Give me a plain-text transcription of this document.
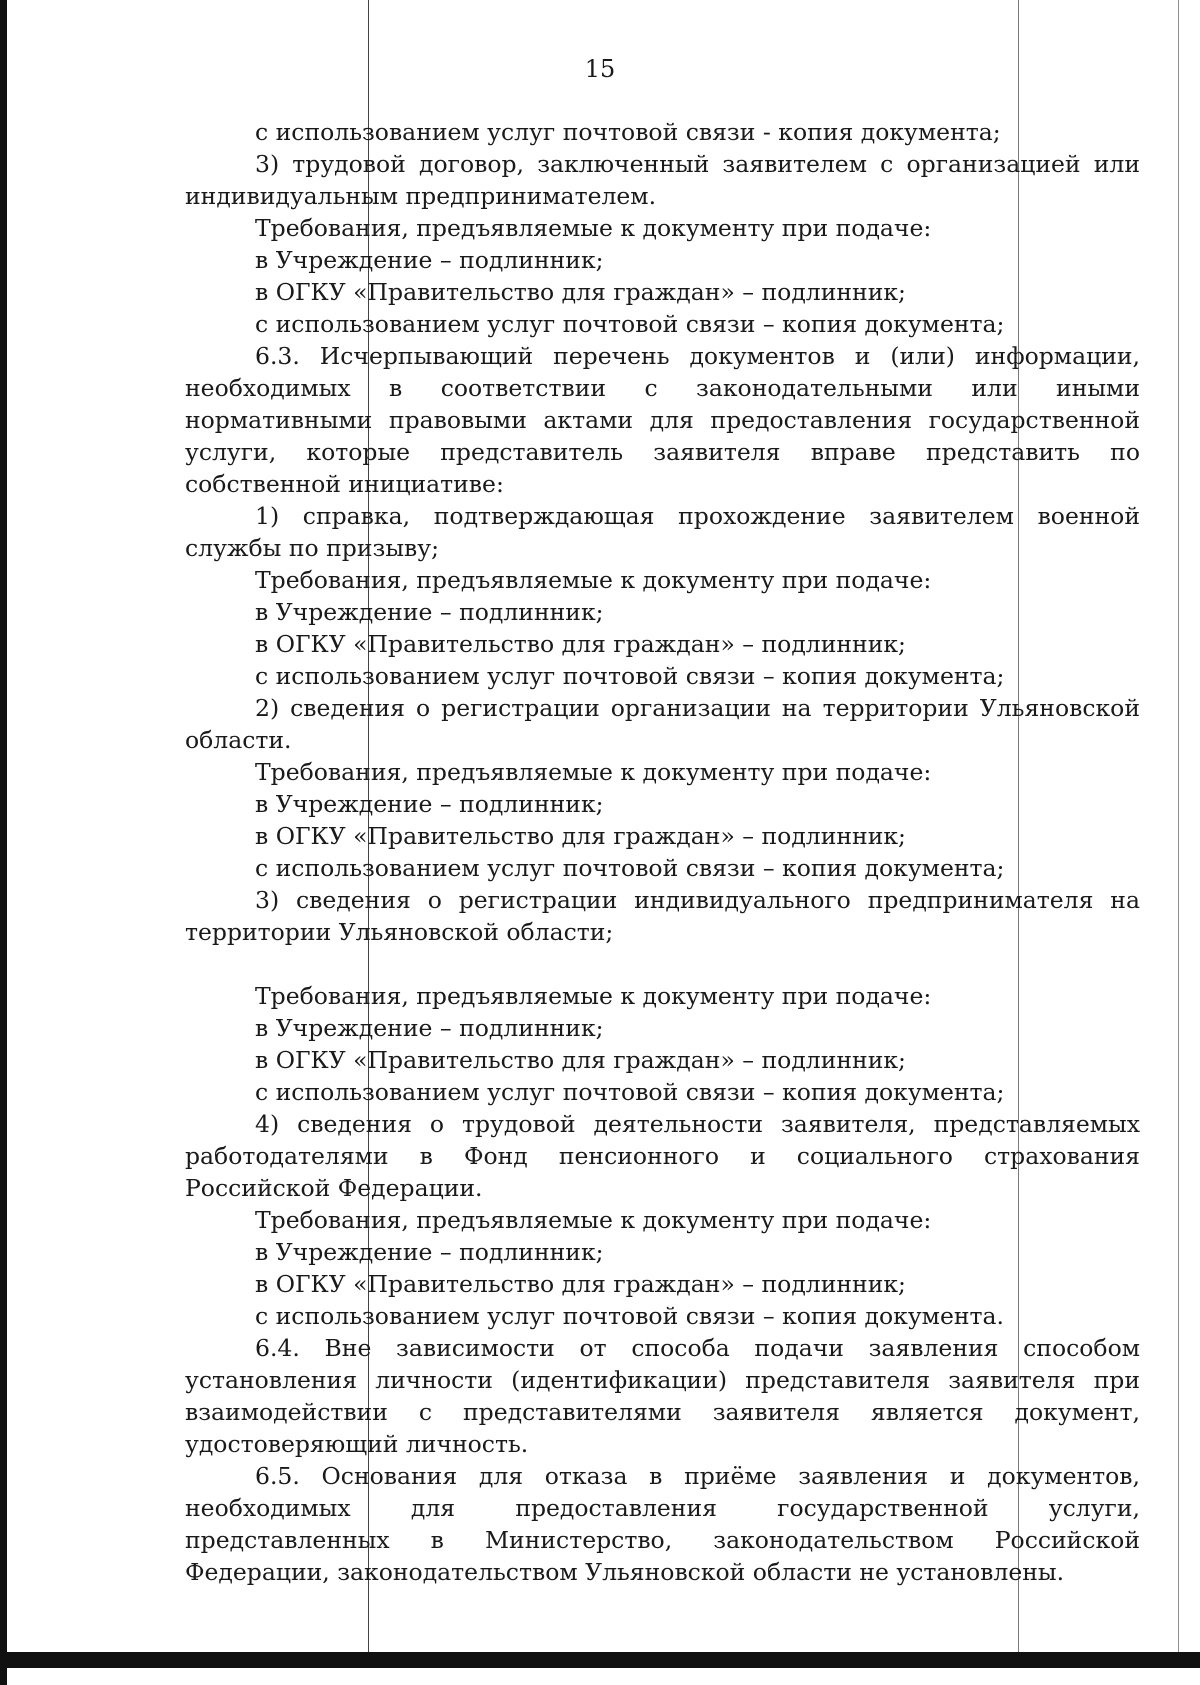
15

с использованием услуг почтовой связи - копия документа;

3) трудовой договор, заключенный заявителем с организацией или индивидуальным предпринимателем.

Требования, предъявляемые к документу при подаче:

в Учреждение – подлинник;

в ОГКУ «Правительство для граждан» – подлинник;

с использованием услуг почтовой связи – копия документа;

6.3. Исчерпывающий перечень документов и (или) информации, необходимых в соответствии с законодательными или иными нормативными правовыми актами для предоставления государственной услуги, которые представитель заявителя вправе представить по собственной инициативе:

1) справка, подтверждающая прохождение заявителем военной службы по призыву;

Требования, предъявляемые к документу при подаче:

в Учреждение – подлинник;

в ОГКУ «Правительство для граждан» – подлинник;

с использованием услуг почтовой связи – копия документа;

2) сведения о регистрации организации на территории Ульяновской области.

Требования, предъявляемые к документу при подаче:

в Учреждение – подлинник;

в ОГКУ «Правительство для граждан» – подлинник;

с использованием услуг почтовой связи – копия документа;

3) сведения о регистрации индивидуального предпринимателя на территории Ульяновской области;

Требования, предъявляемые к документу при подаче:

в Учреждение – подлинник;

в ОГКУ «Правительство для граждан» – подлинник;

с использованием услуг почтовой связи – копия документа;

4) сведения о трудовой деятельности заявителя, представляемых работодателями в Фонд пенсионного и социального страхования Российской Федерации.

Требования, предъявляемые к документу при подаче:

в Учреждение – подлинник;

в ОГКУ «Правительство для граждан» – подлинник;

с использованием услуг почтовой связи – копия документа.

6.4. Вне зависимости от способа подачи заявления способом установления личности (идентификации) представителя заявителя при взаимодействии с представителями заявителя является документ, удостоверяющий личность.

6.5. Основания для отказа в приёме заявления и документов, необходимых для предоставления государственной услуги, представленных в Министерство, законодательством Российской Федерации, законодательством Ульяновской области не установлены.
